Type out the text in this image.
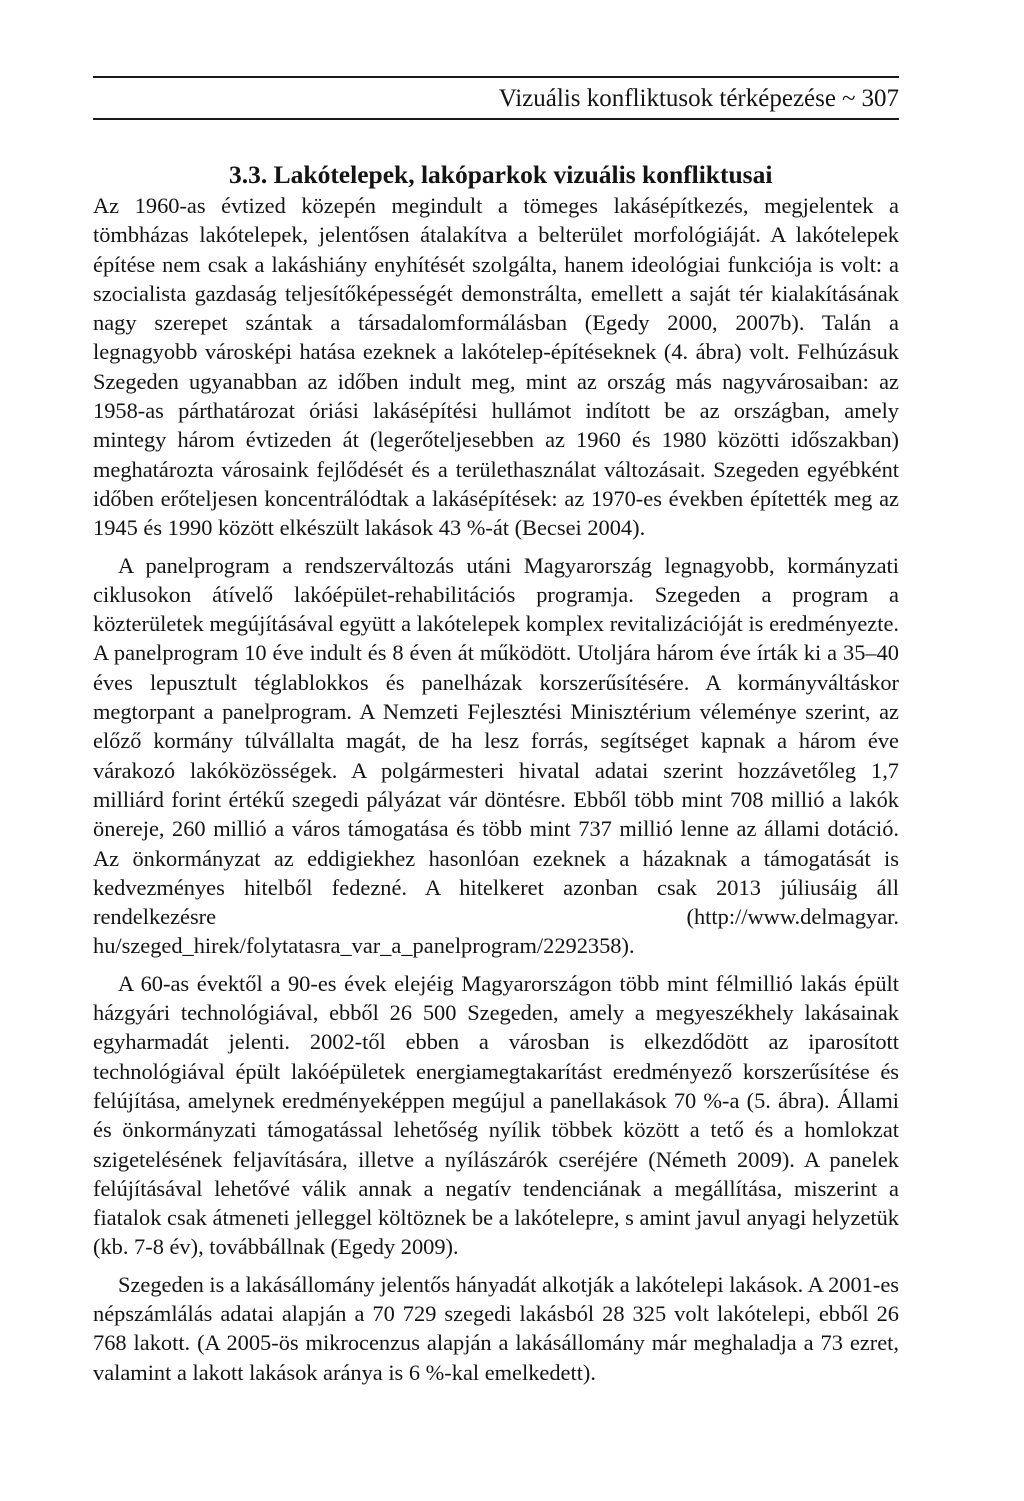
Vizuális konfliktusok térképezése ~ 307
3.3. Lakótelepek, lakóparkok vizuális konfliktusai

Az 1960-as évtized közepén megindult a tömeges lakásépítkezés, megjelentek a tömbházas lakótelepek, jelentősen átalakítva a belterület morfológiáját. A lakótelepek építése nem csak a lakáshiány enyhítését szolgálta, hanem ideológiai funkciója is volt: a szocialista gazdaság teljesítőképességét demonstrálta, emellett a saját tér kialakításának nagy szerepet szántak a társadalomformálásban (Egedy 2000, 2007b). Talán a legnagyobb városképi hatása ezeknek a lakótelep-építéseknek (4. ábra) volt. Felhúzásuk Szegeden ugyanabban az időben indult meg, mint az ország más nagyvárosaiban: az 1958-as párthatározat óriási lakásépítési hullámot indított be az országban, amely mintegy három évtizeden át (legerőteljesebben az 1960 és 1980 közötti időszakban) meghatározta városaink fejlődését és a területhasználat változásait. Szegeden egyébként időben erőteljesen koncentrálódtak a lakásépítések: az 1970-es években építették meg az 1945 és 1990 között elkészült lakások 43 %-át (Becsei 2004).

A panelprogram a rendszerváltozás utáni Magyarország legnagyobb, kormányzati ciklusokon átívelő lakóépület-rehabilitációs programja. Szegeden a program a közterületek megújításával együtt a lakótelepek komplex revitalizációját is eredményezte. A panelprogram 10 éve indult és 8 éven át működött. Utoljára három éve írták ki a 35–40 éves lepusztult téglablokkos és panelházak korszerűsítésére. A kormányváltáskor megtorpant a panelprogram. A Nemzeti Fejlesztési Minisztérium véleménye szerint, az előző kormány túlvállalta magát, de ha lesz forrás, segítséget kapnak a három éve várakozó lakóközösségek. A polgármesteri hivatal adatai szerint hozzávetőleg 1,7 milliárd forint értékű szegedi pályázat vár döntésre. Ebből több mint 708 millió a lakók önereje, 260 millió a város támogatása és több mint 737 millió lenne az állami dotáció. Az önkormányzat az eddigiekhez hasonlóan ezeknek a házaknak a támogatását is kedvezményes hitelből fedezné. A hitelkeret azonban csak 2013 júliusáig áll rendelkezésre (http://www.delmagyar.​hu/szeged_hirek/folytatasra_var_a_panelprogram/2292358).

A 60-as évektől a 90-es évek elejéig Magyarországon több mint félmillió lakás épült házgyári technológiával, ebből 26 500 Szegeden, amely a megyeszékhely lakásainak egyharmadát jelenti. 2002-től ebben a városban is elkezdődött az iparosított technológiával épült lakóépületek energiamegtakarítást eredményező korszerűsítése és felújítása, amelynek eredményeképpen megújul a panellakások 70 %-a (5. ábra). Állami és önkormányzati támogatással lehetőség nyílik többek között a tető és a homlokzat szigetelésének feljavítására, illetve a nyílászárók cseréjére (Németh 2009). A panelek felújításával lehetővé válik annak a negatív tendenciának a megállítása, miszerint a fiatalok csak átmeneti jelleggel költöznek be a lakótelepre, s amint javul anyagi helyzetük (kb. 7-8 év), továbbállnak (Egedy 2009).

Szegeden is a lakásállomány jelentős hányadát alkotják a lakótelepi lakások. A 2001-es népszámlálás adatai alapján a 70 729 szegedi lakásból 28 325 volt lakótelepi, ebből 26 768 lakott. (A 2005-ös mikrocenzus alapján a lakásállomány már meghaladja a 73 ezret, valamint a lakott lakások aránya is 6 %-kal emelkedett).
